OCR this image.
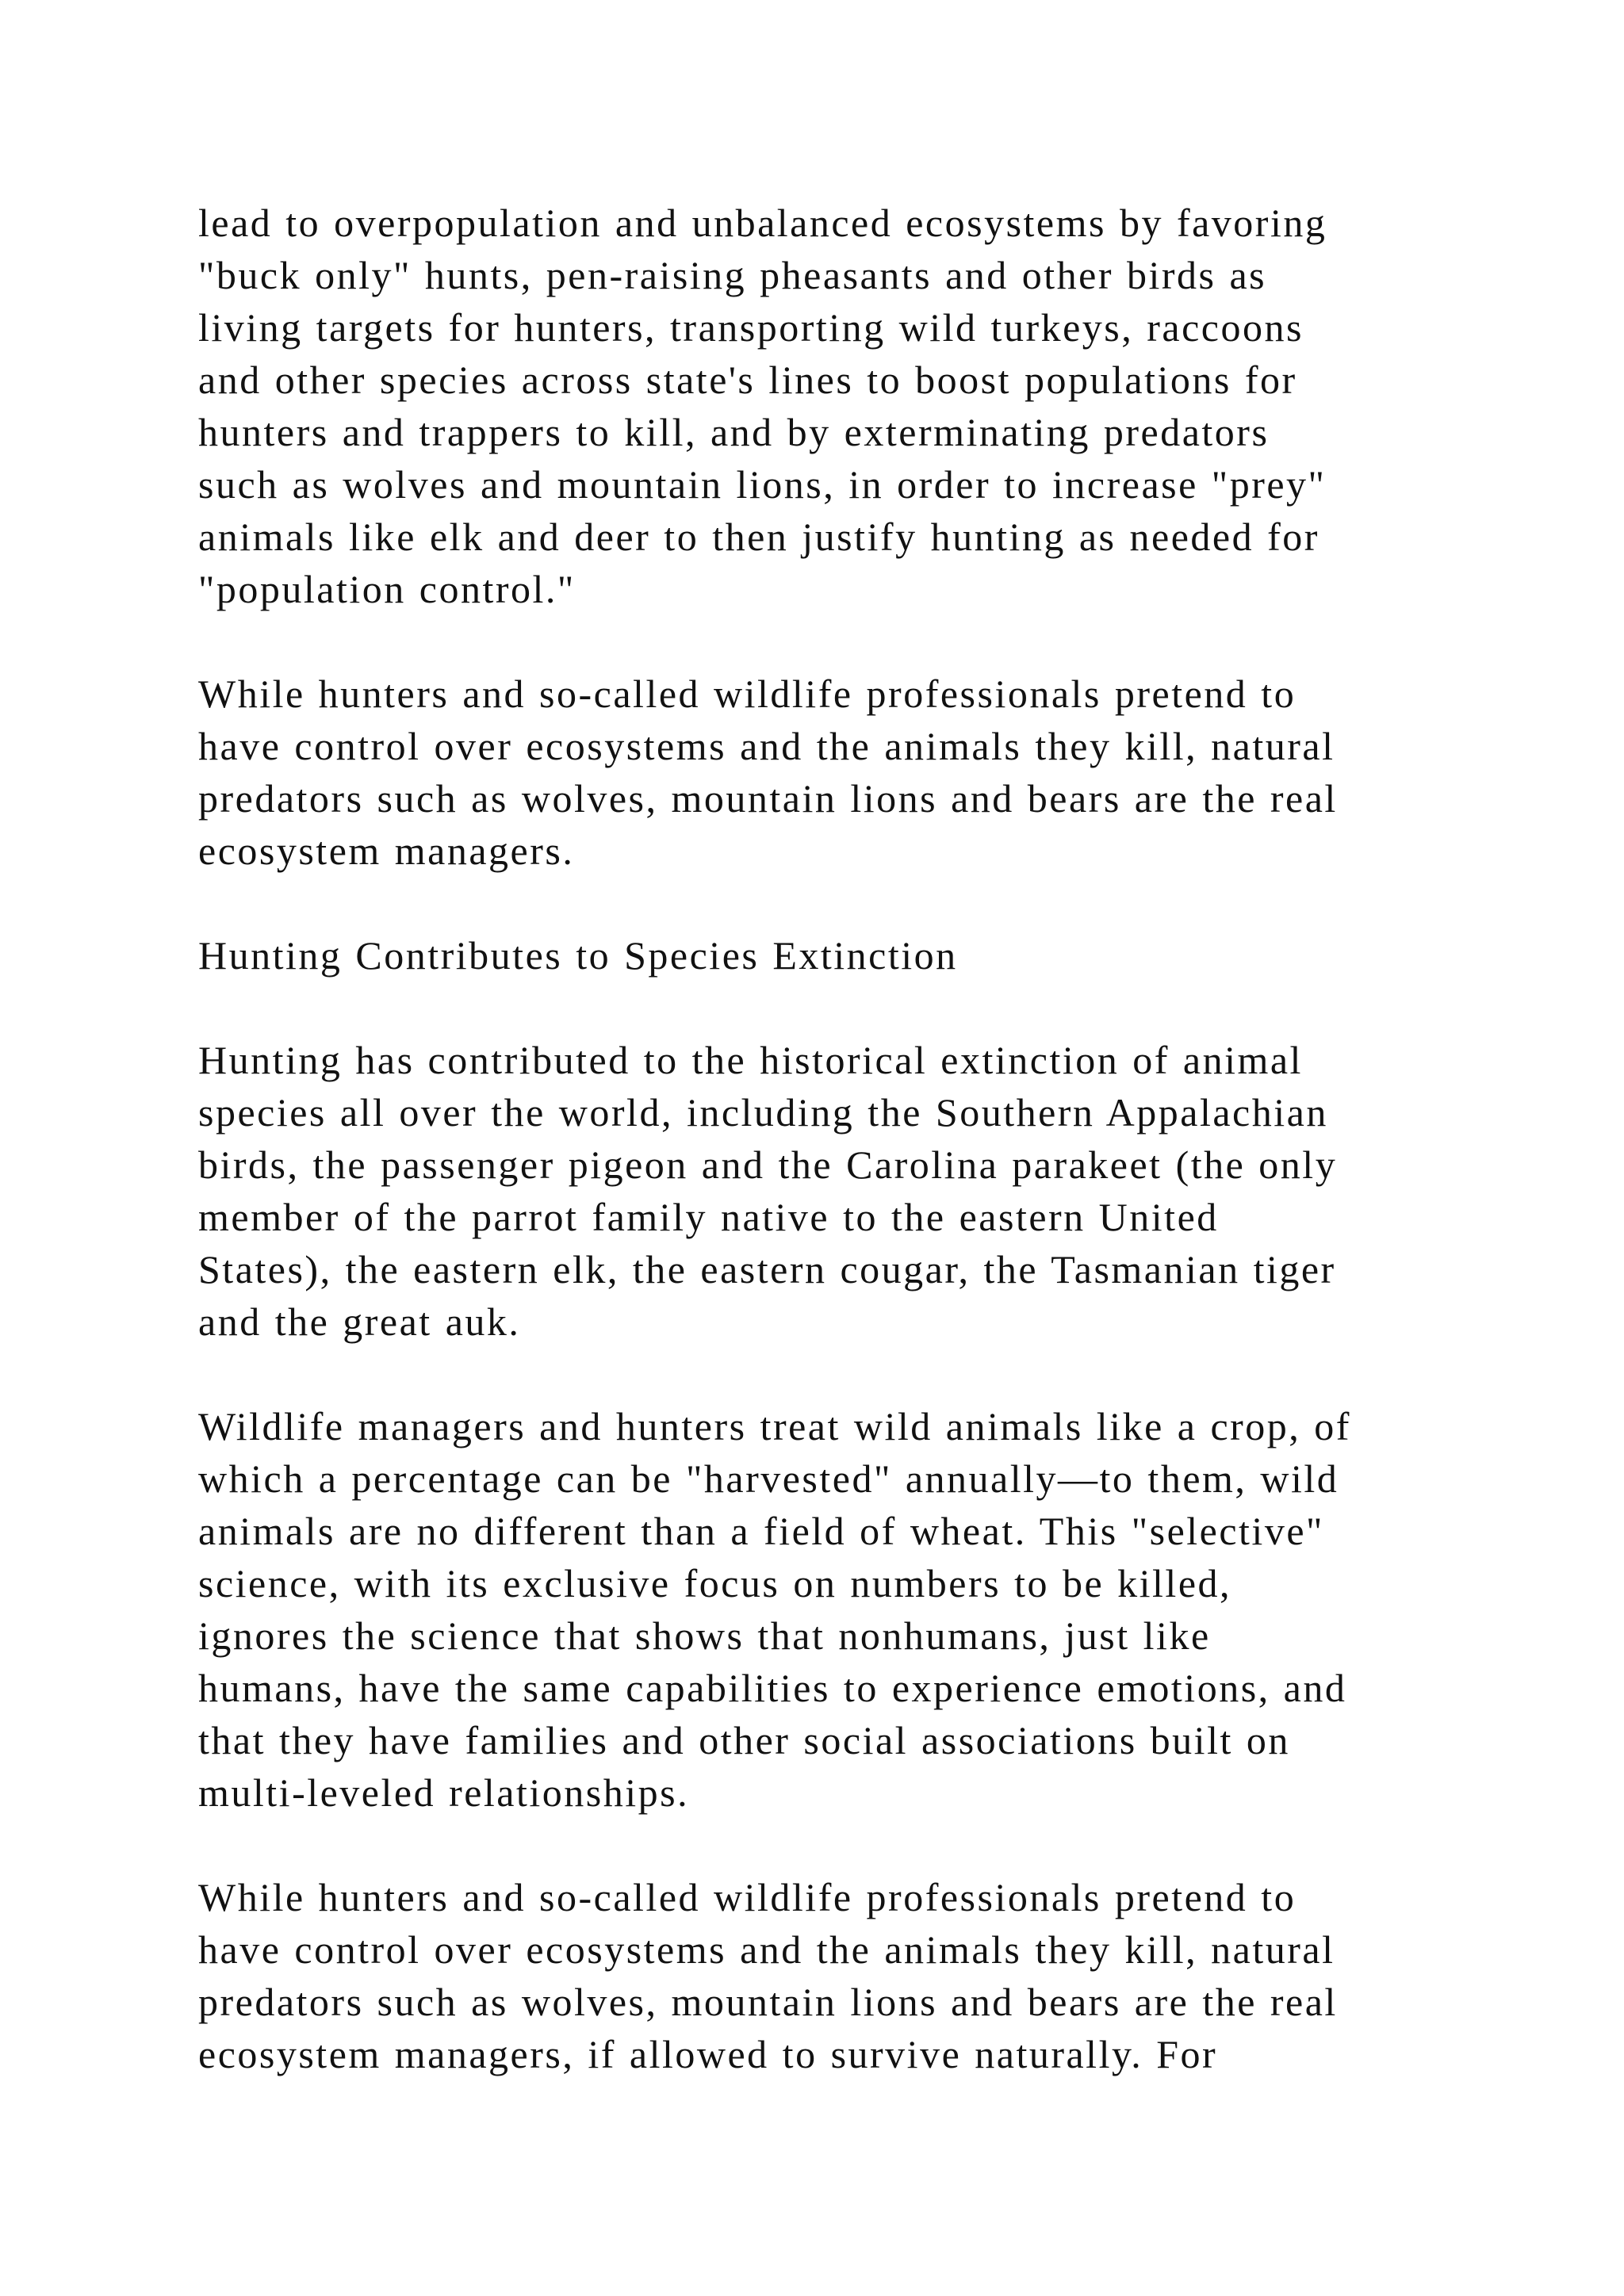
lead to overpopulation and unbalanced ecosystems by favoring
"buck only" hunts, pen-raising pheasants and other birds as
living targets for hunters, transporting wild turkeys, raccoons
and other species across state's lines to boost populations for
hunters and trappers to kill, and by exterminating predators
such as wolves and mountain lions, in order to increase "prey"
animals like elk and deer to then justify hunting as needed for
"population control."

While hunters and so-called wildlife professionals pretend to
have control over ecosystems and the animals they kill, natural
predators such as wolves, mountain lions and bears are the real
ecosystem managers.

Hunting Contributes to Species Extinction

Hunting has contributed to the historical extinction of animal
species all over the world, including the Southern Appalachian
birds, the passenger pigeon and the Carolina parakeet (the only
member of the parrot family native to the eastern United
States), the eastern elk, the eastern cougar, the Tasmanian tiger
and the great auk.

Wildlife managers and hunters treat wild animals like a crop, of
which a percentage can be "harvested" annually—to them, wild
animals are no different than a field of wheat. This "selective"
science, with its exclusive focus on numbers to be killed,
ignores the science that shows that nonhumans, just like
humans, have the same capabilities to experience emotions, and
that they have families and other social associations built on
multi-leveled relationships.

While hunters and so-called wildlife professionals pretend to
have control over ecosystems and the animals they kill, natural
predators such as wolves, mountain lions and bears are the real
ecosystem managers, if allowed to survive naturally. For
